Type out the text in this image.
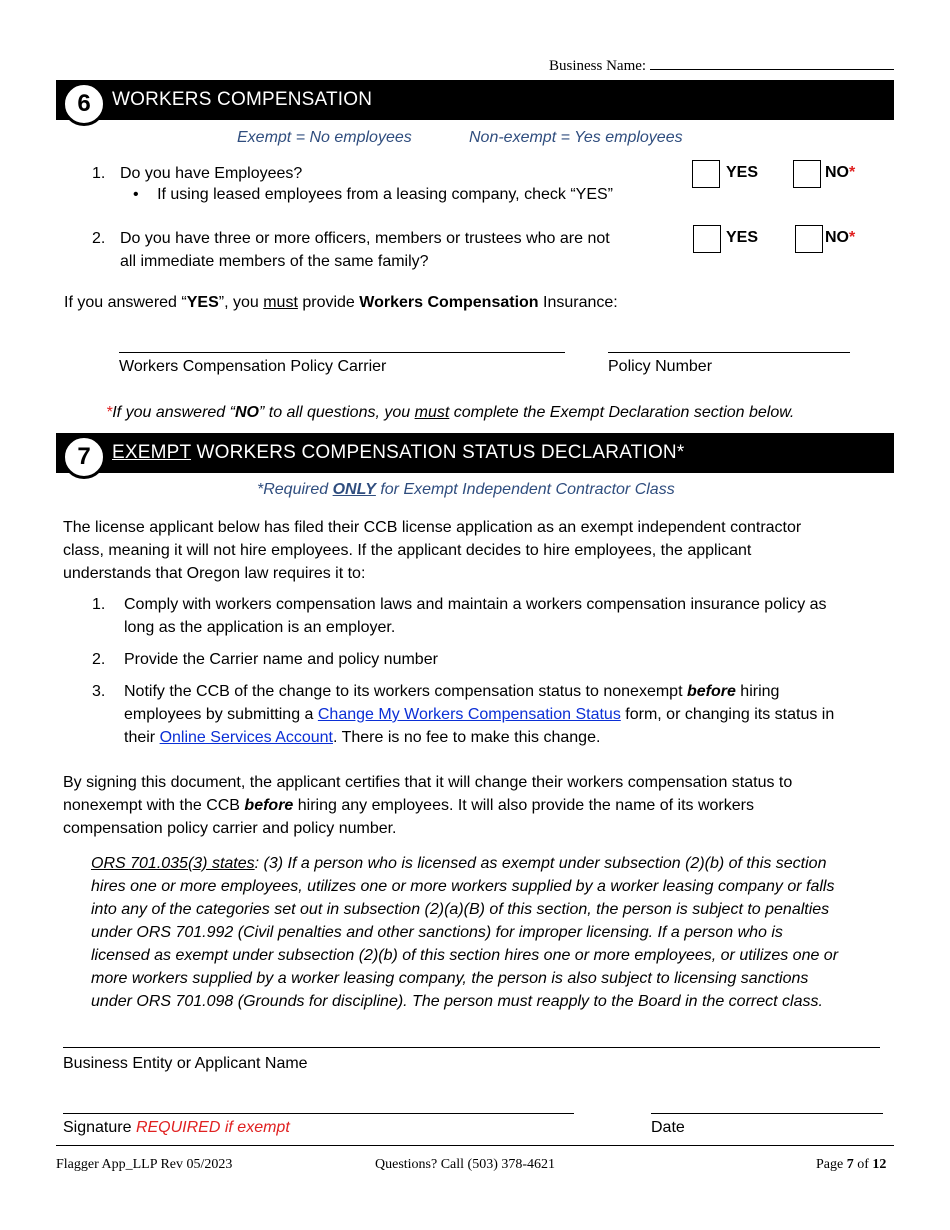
Business Name:
6	WORKERS COMPENSATION
Exempt = No employees	Non-exempt = Yes employees
1. Do you have Employees?
• If using leased employees from a leasing company, check “YES”
YES	NO*
2. Do you have three or more officers, members or trustees who are not
all immediate members of the same family?
YES	NO*
If you answered “YES”, you must provide Workers Compensation Insurance:
Workers Compensation Policy Carrier	Policy Number
*If you answered “NO” to all questions, you must complete the Exempt Declaration section below.
7	EXEMPT WORKERS COMPENSATION STATUS DECLARATION*
*Required ONLY for Exempt Independent Contractor Class
The license applicant below has filed their CCB license application as an exempt independent contractor
class, meaning it will not hire employees. If the applicant decides to hire employees, the applicant
understands that Oregon law requires it to:
1. Comply with workers compensation laws and maintain a workers compensation insurance policy as
long as the application is an employer.
2. Provide the Carrier name and policy number
3. Notify the CCB of the change to its workers compensation status to nonexempt before hiring
employees by submitting a Change My Workers Compensation Status form, or changing its status in
their Online Services Account. There is no fee to make this change.
By signing this document, the applicant certifies that it will change their workers compensation status to
nonexempt with the CCB before hiring any employees. It will also provide the name of its workers
compensation policy carrier and policy number.
ORS 701.035(3) states: (3) If a person who is licensed as exempt under subsection (2)(b) of this section
hires one or more employees, utilizes one or more workers supplied by a worker leasing company or falls
into any of the categories set out in subsection (2)(a)(B) of this section, the person is subject to penalties
under ORS 701.992 (Civil penalties and other sanctions) for improper licensing. If a person who is
licensed as exempt under subsection (2)(b) of this section hires one or more employees, or utilizes one or
more workers supplied by a worker leasing company, the person is also subject to licensing sanctions
under ORS 701.098 (Grounds for discipline). The person must reapply to the Board in the correct class.
Business Entity or Applicant Name
Signature REQUIRED if exempt	Date
Flagger App_LLP Rev 05/2023	Questions? Call (503) 378-4621	Page 7 of 12
